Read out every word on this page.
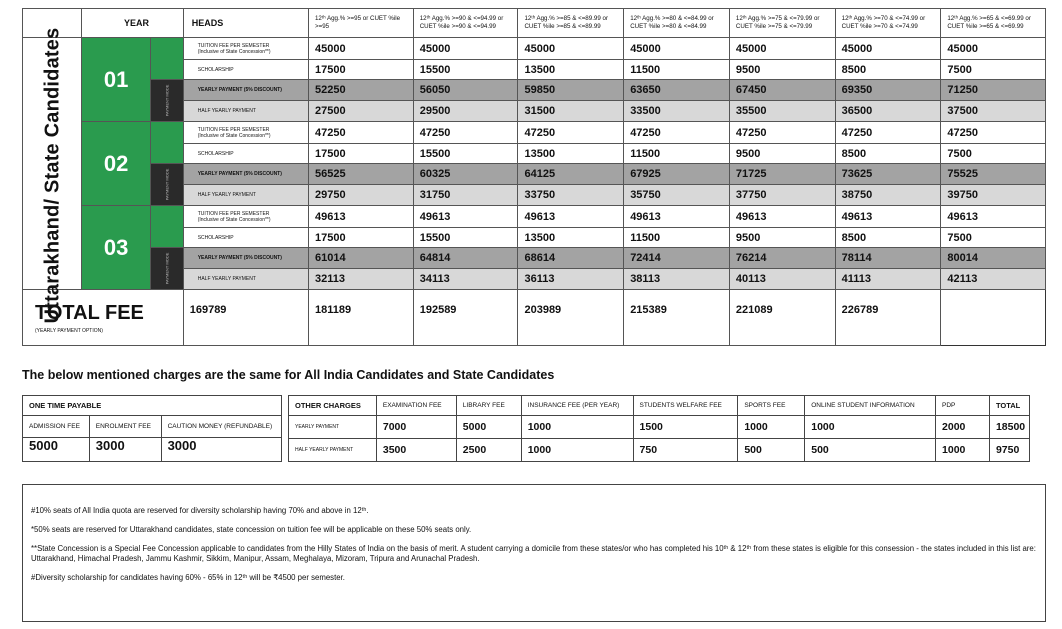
	YEAR		HEADS	12ᵗʰ Agg.% >=95 or CUET %ile >=95	12ᵗʰ Agg.% >=90 & <=94.99 or CUET %ile >=90 & <=94.99	12ᵗʰ Agg.% >=85 & <=89.99 or CUET %ile >=85 & <=89.99	12ᵗʰ Agg.% >=80 & <=84.99 or CUET %ile >=80 & <=84.99	12ᵗʰ Agg.% >=75 & <=79.99 or CUET %ile >=75 & <=79.99	12ᵗʰ Agg.% >=70 & <=74.99 or CUET %ile >=70 & <=74.99	12ᵗʰ Agg.% >=65 & <=69.99 or CUET %ile >=65 & <=69.99
	01		TUITION FEE PER SEMESTER
(Inclusive of State Concession**)	45000	45000	45000	45000	45000	45000	45000

			SCHOLARSHIP	17500	15500	13500	11500	9500	8500	7500

		PAYMENT MODE	YEARLY PAYMENT (5% DISCOUNT)	52250	56050	59850	63650	67450	69350	71250

			HALF YEARLY PAYMENT	27500	29500	31500	33500	35500	36500	37500
	02		TUITION FEE PER SEMESTER
(Inclusive of State Concession**)	47250	47250	47250	47250	47250	47250	47250

			SCHOLARSHIP	17500	15500	13500	11500	9500	8500	7500

		PAYMENT MODE	YEARLY PAYMENT (5% DISCOUNT)	56525	60325	64125	67925	71725	73625	75525

			HALF YEARLY PAYMENT	29750	31750	33750	35750	37750	38750	39750
	03		TUITION FEE PER SEMESTER
(Inclusive of State Concession**)	49613	49613	49613	49613	49613	49613	49613

			SCHOLARSHIP	17500	15500	13500	11500	9500	8500	7500

		PAYMENT MODE	YEARLY PAYMENT (5% DISCOUNT)	61014	64814	68614	72414	76214	78114	80014

			HALF YEARLY PAYMENT	32113	34113	36113	38113	40113	41113	42113
TOTAL FEE
(YEARLY PAYMENT OPTION)			169789	181189	192589	203989	215389	221089	226789	
Uttarakhand/ State Candidates
The below mentioned charges are the same for All India Candidates and State Candidates
ONE TIME PAYABLE		
ADMISSION FEE	ENROLMENT FEE	CAUTION MONEY (REFUNDABLE)
5000	3000	3000
OTHER CHARGES	EXAMINATION FEE	LIBRARY FEE	INSURANCE FEE (PER YEAR)	STUDENTS WELFARE FEE	SPORTS FEE	ONLINE STUDENT INFORMATION	PDP	TOTAL
YEARLY PAYMENT	7000	5000	1000	1500	1000	1000	2000	18500
HALF YEARLY PAYMENT	3500	2500	1000	750	500	500	1000	9750
#10% seats of All India quota are reserved for diversity scholarship having 70% and above in 12ᵗʰ.
*50% seats are reserved for Uttarakhand candidates, state concession on tuition fee will be applicable on these 50% seats only.
**State Concession is a Special Fee Concession applicable to candidates from the Hilly States of India on the basis of merit. A student carrying a domicile from these states/or who has completed his 10ᵗʰ & 12ᵗʰ from these states is eligible for this consession - the states included in this list are: Uttarakhand, Himachal Pradesh, Jammu Kashmir, Sikkim, Manipur, Assam, Meghalaya, Mizoram, Tripura and Arunachal Pradesh.
#Diversity scholarship for candidates having 60% - 65% in 12ᵗʰ will be ₹4500 per semester.
